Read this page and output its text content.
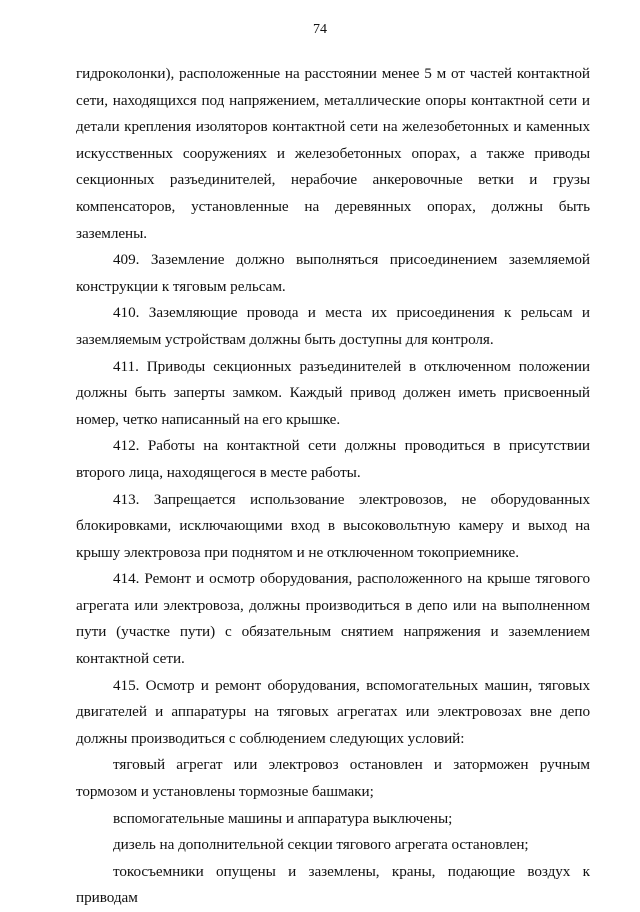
74

гидроколонки), расположенные на расстоянии менее 5 м от частей контактной сети, находящихся под напряжением, металлические опоры контактной сети и детали крепления изоляторов контактной сети на железобетонных и каменных искусственных сооружениях и железобетонных опорах, а также приводы секционных разъединителей, нерабочие анкеровочные ветки и грузы компенсаторов, установленные на деревянных опорах, должны быть заземлены.

409. Заземление должно выполняться присоединением заземляемой конструкции к тяговым рельсам.

410. Заземляющие провода и места их присоединения к рельсам и заземляемым устройствам должны быть доступны для контроля.

411. Приводы секционных разъединителей в отключенном положении должны быть заперты замком. Каждый привод должен иметь присвоенный номер, четко написанный на его крышке.

412. Работы на контактной сети должны проводиться в присутствии второго лица, находящегося в месте работы.

413. Запрещается использование электровозов, не оборудованных блокировками, исключающими вход в высоковольтную камеру и выход на крышу электровоза при поднятом и не отключенном токоприемнике.

414. Ремонт и осмотр оборудования, расположенного на крыше тягового агрегата или электровоза, должны производиться в депо или на выполненном пути (участке пути) с обязательным снятием напряжения и заземлением контактной сети.

415. Осмотр и ремонт оборудования, вспомогательных машин, тяговых двигателей и аппаратуры на тяговых агрегатах или электровозах вне депо должны производиться с соблюдением следующих условий:

тяговый агрегат или электровоз остановлен и заторможен ручным тормозом и установлены тормозные башмаки;

вспомогательные машины и аппаратура выключены;

дизель на дополнительной секции тягового агрегата остановлен;

токосъемники опущены и заземлены, краны, подающие воздух к приводам
